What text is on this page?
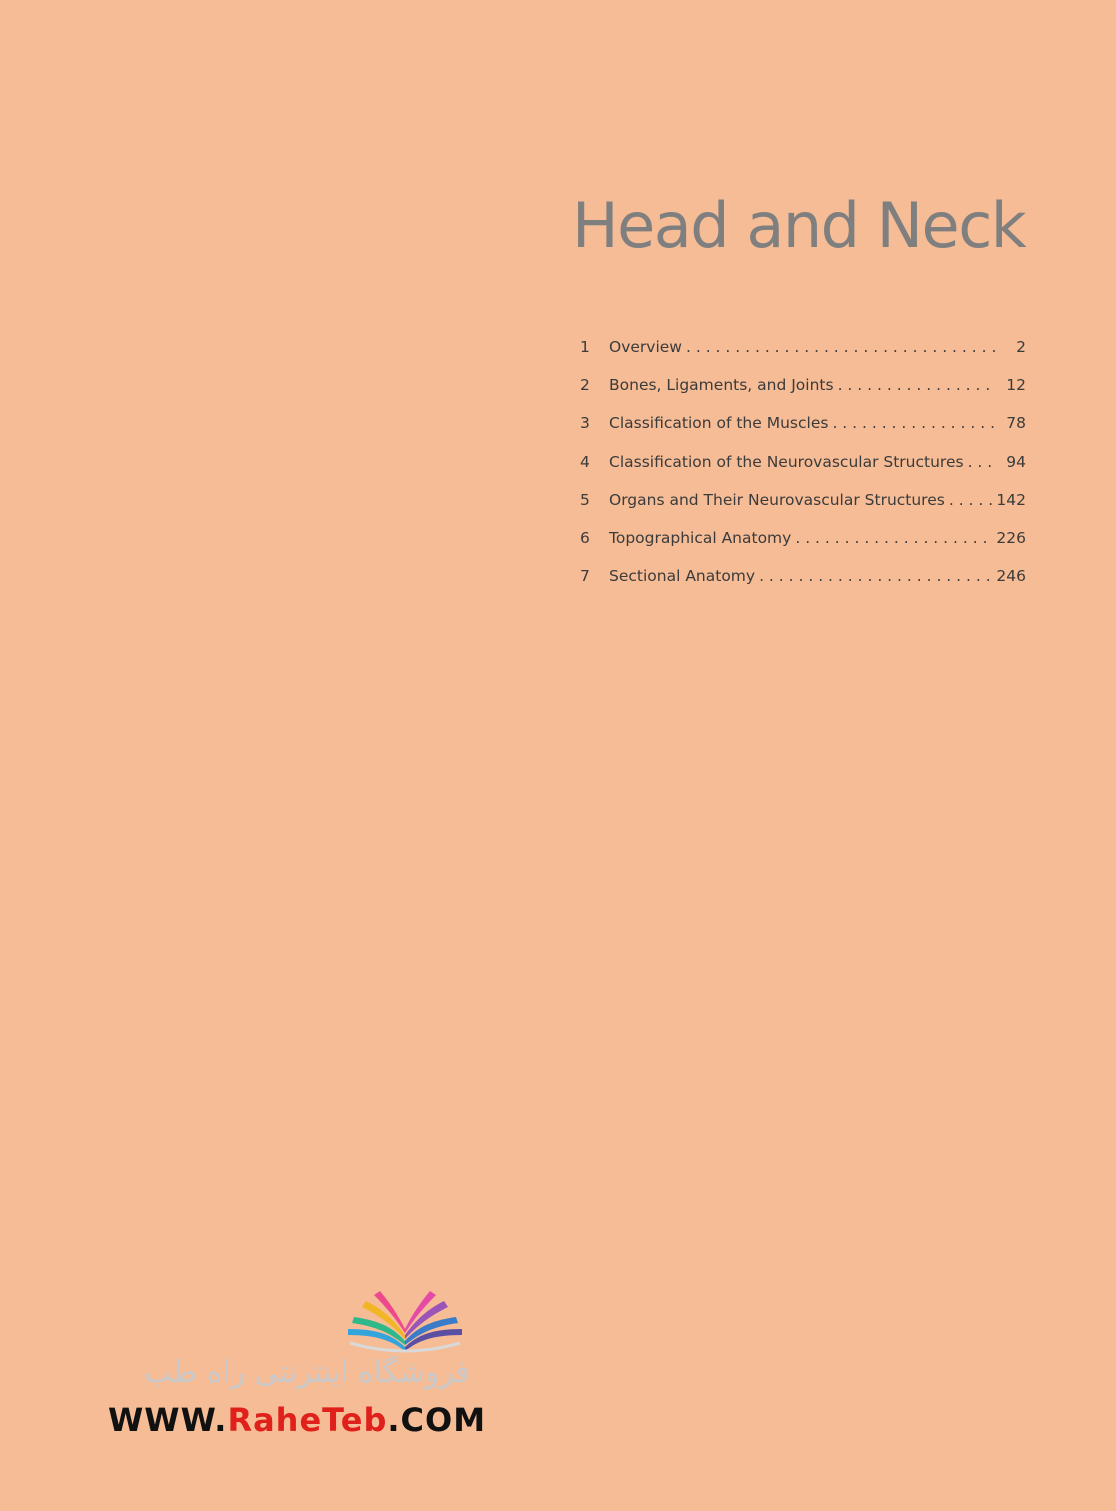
Head and Neck
1	Overview . . .	2
2	Bones, Ligaments, and Joints . . .	12
3	Classification of the Muscles . . .	78
4	Classification of the Neurovascular Structures . . .	94
5	Organs and Their Neurovascular Structures . . .	142
6	Topographical Anatomy . . .	226
7	Sectional Anatomy . . .	246
فروشگاه اینترنتی راه طب
WWW.RaheTeb.COM
